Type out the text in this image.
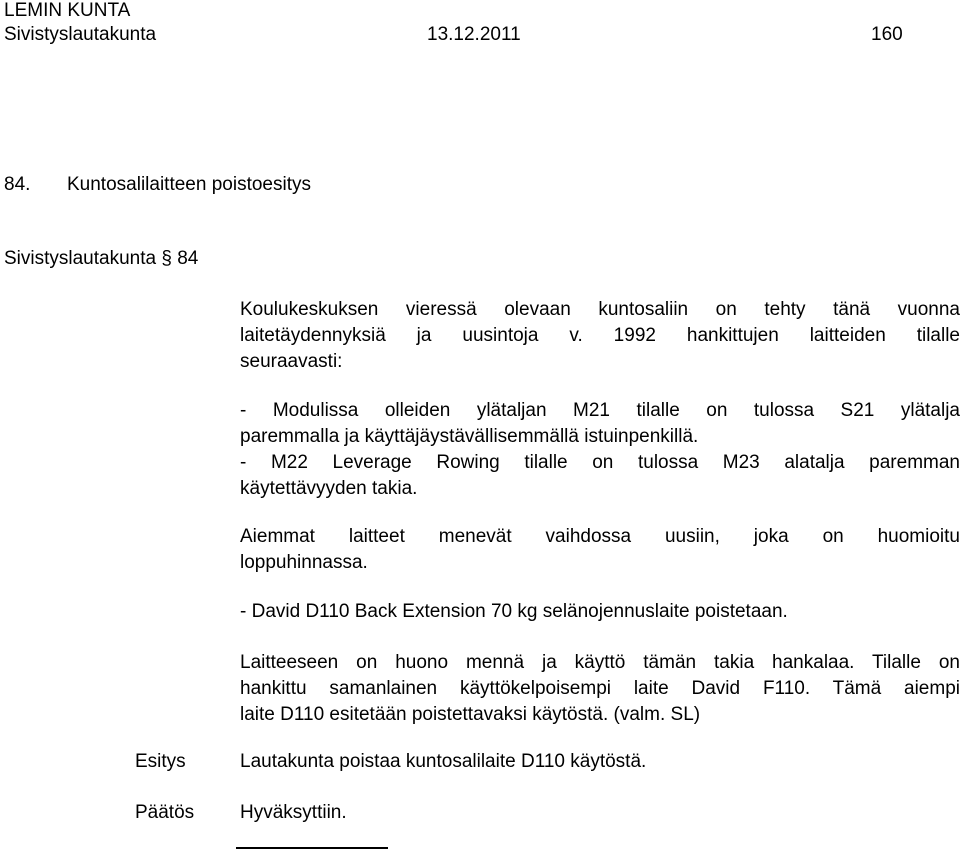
LEMIN KUNTA
Sivistyslautakunta	13.12.2011	160
84. Kuntosalilaitteen poistoesitys
Sivistyslautakunta § 84
Koulukeskuksen vieressä olevaan kuntosaliin on tehty tänä vuonna
laitetäydennyksiä ja uusintoja v. 1992 hankittujen laitteiden tilalle
seuraavasti:
- Modulissa olleiden ylätaljan M21 tilalle on tulossa S21 ylätalja
paremmalla ja käyttäjäystävällisemmällä istuinpenkillä.
- M22 Leverage Rowing tilalle on tulossa M23 alatalja paremman
käytettävyyden takia.
Aiemmat laitteet menevät vaihdossa uusiin, joka on huomioitu
loppuhinnassa.
- David D110 Back Extension 70 kg selänojennuslaite poistetaan.
Laitteeseen on huono mennä ja käyttö tämän takia hankalaa. Tilalle on
hankittu samanlainen käyttökelpoisempi laite David F110. Tämä aiempi
laite D110 esitetään poistettavaksi käytöstä. (valm. SL)
Esitys	Lautakunta poistaa kuntosalilaite D110 käytöstä.
Päätös Hyväksyttiin.
